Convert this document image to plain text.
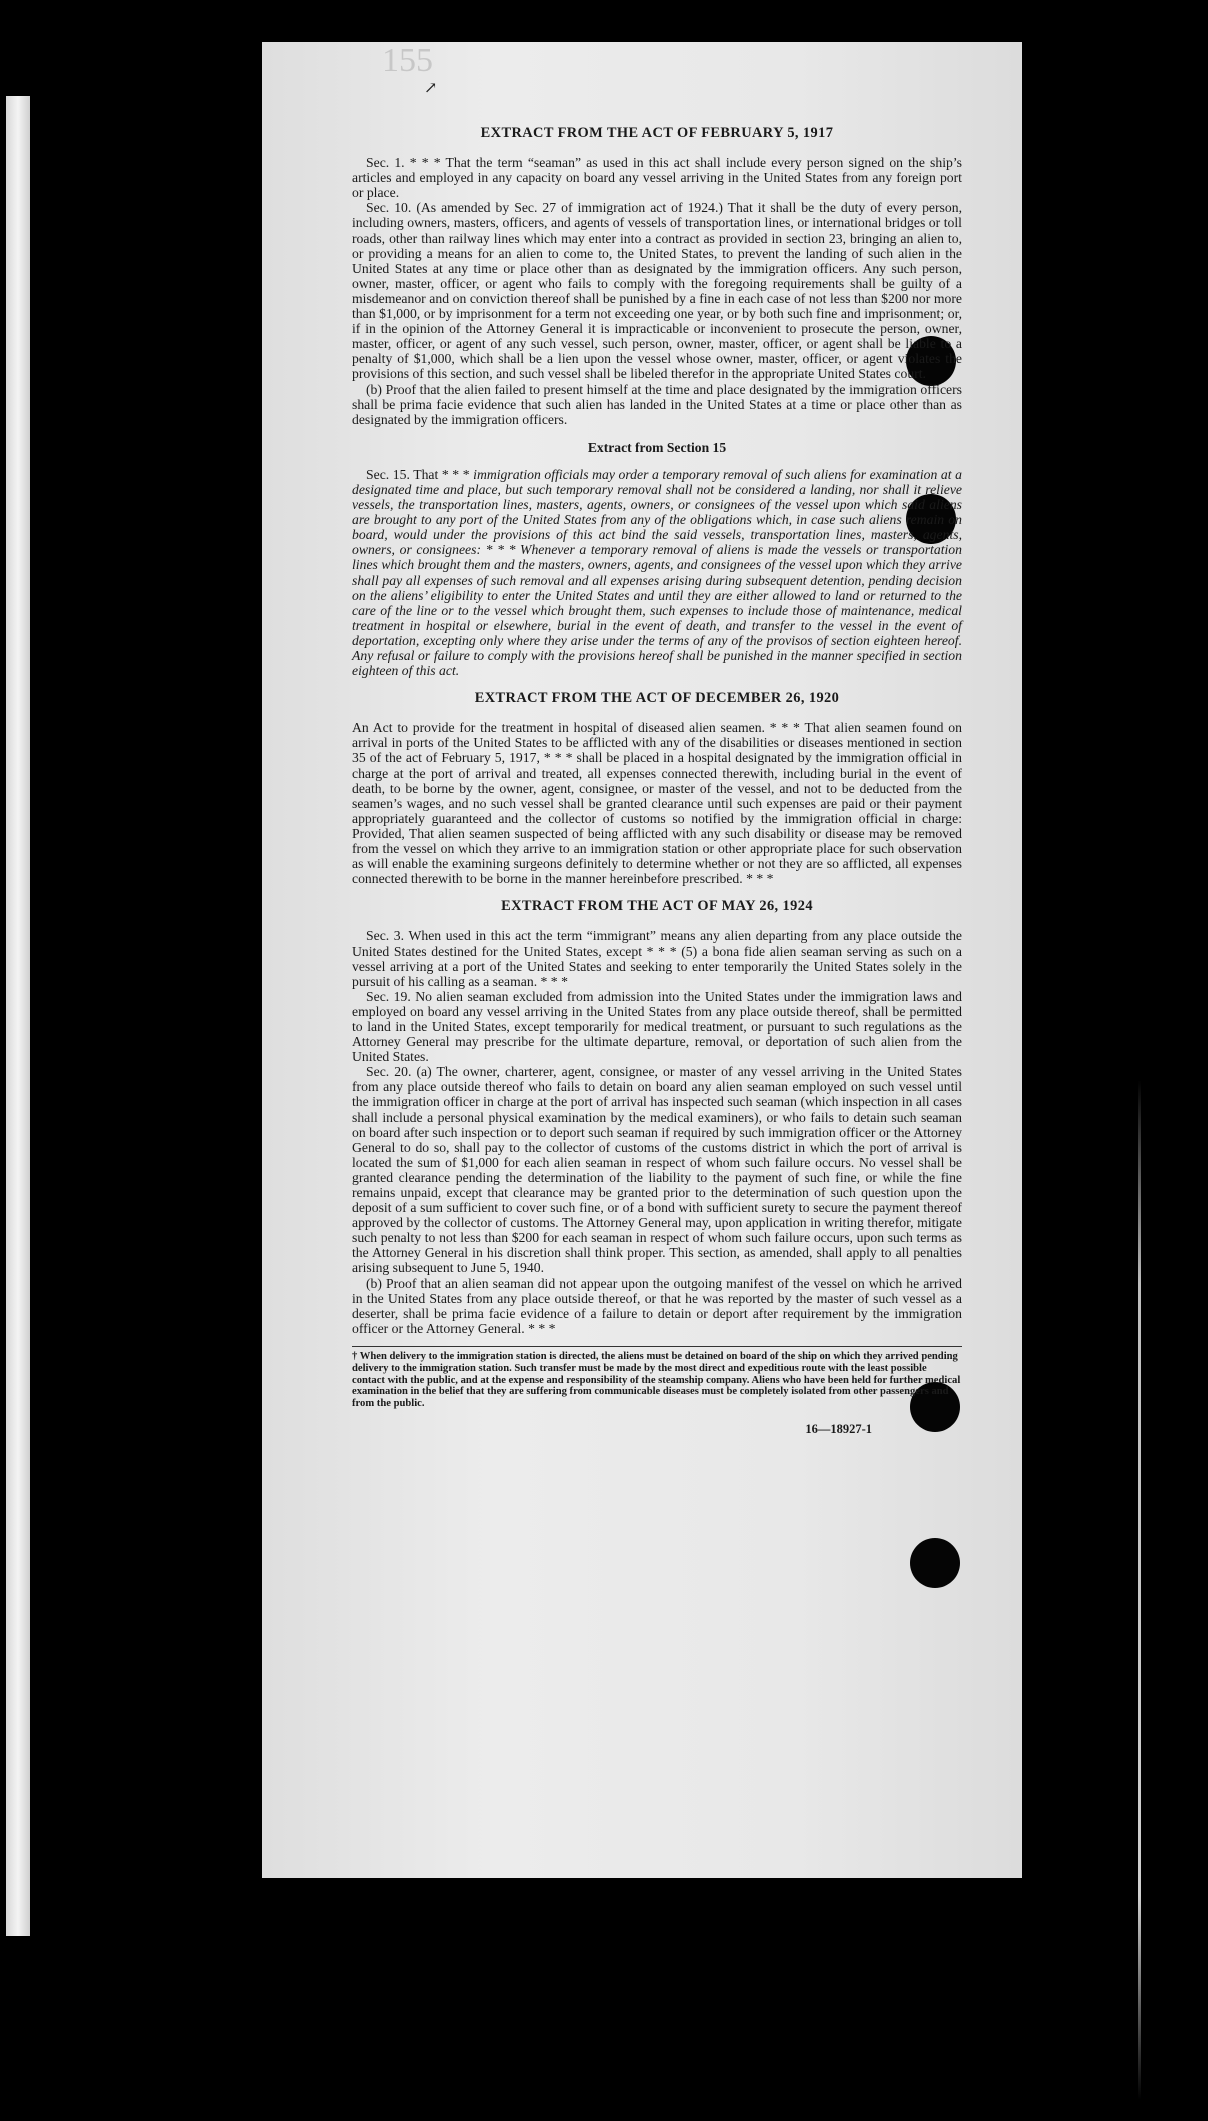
155
↗
EXTRACT FROM THE ACT OF FEBRUARY 5, 1917

Sec. 1. * * * That the term “seaman” as used in this act shall include every person signed on the ship’s articles and employed in any capacity on board any vessel arriving in the United States from any foreign port or place.

Sec. 10. (As amended by Sec. 27 of immigration act of 1924.) That it shall be the duty of every person, including owners, masters, officers, and agents of vessels of transportation lines, or international bridges or toll roads, other than railway lines which may enter into a contract as provided in section 23, bringing an alien to, or providing a means for an alien to come to, the United States, to prevent the landing of such alien in the United States at any time or place other than as designated by the immigration officers. Any such person, owner, master, officer, or agent who fails to comply with the foregoing requirements shall be guilty of a misdemeanor and on conviction thereof shall be punished by a fine in each case of not less than $200 nor more than $1,000, or by imprisonment for a term not exceeding one year, or by both such fine and imprisonment; or, if in the opinion of the Attorney General it is impracticable or inconvenient to prosecute the person, owner, master, officer, or agent of any such vessel, such person, owner, master, officer, or agent shall be liable to a penalty of $1,000, which shall be a lien upon the vessel whose owner, master, officer, or agent violates the provisions of this section, and such vessel shall be libeled therefor in the appropriate United States court.

(b) Proof that the alien failed to present himself at the time and place designated by the immigration officers shall be prima facie evidence that such alien has landed in the United States at a time or place other than as designated by the immigration officers.

Extract from Section 15

Sec. 15. That * * * immigration officials may order a temporary removal of such aliens for examination at a designated time and place, but such temporary removal shall not be considered a landing, nor shall it relieve vessels, the transportation lines, masters, agents, owners, or consignees of the vessel upon which said aliens are brought to any port of the United States from any of the obligations which, in case such aliens remain on board, would under the provisions of this act bind the said vessels, transportation lines, masters, agents, owners, or consignees: * * * Whenever a temporary removal of aliens is made the vessels or transportation lines which brought them and the masters, owners, agents, and consignees of the vessel upon which they arrive shall pay all expenses of such removal and all expenses arising during subsequent detention, pending decision on the aliens’ eligibility to enter the United States and until they are either allowed to land or returned to the care of the line or to the vessel which brought them, such expenses to include those of maintenance, medical treatment in hospital or elsewhere, burial in the event of death, and transfer to the vessel in the event of deportation, excepting only where they arise under the terms of any of the provisos of section eighteen hereof. Any refusal or failure to comply with the provisions hereof shall be punished in the manner specified in section eighteen of this act.

EXTRACT FROM THE ACT OF DECEMBER 26, 1920

An Act to provide for the treatment in hospital of diseased alien seamen. * * * That alien seamen found on arrival in ports of the United States to be afflicted with any of the disabilities or diseases mentioned in section 35 of the act of February 5, 1917, * * * shall be placed in a hospital designated by the immigration official in charge at the port of arrival and treated, all expenses connected therewith, including burial in the event of death, to be borne by the owner, agent, consignee, or master of the vessel, and not to be deducted from the seamen’s wages, and no such vessel shall be granted clearance until such expenses are paid or their payment appropriately guaranteed and the collector of customs so notified by the immigration official in charge: Provided, That alien seamen suspected of being afflicted with any such disability or disease may be removed from the vessel on which they arrive to an immigration station or other appropriate place for such observation as will enable the examining surgeons definitely to determine whether or not they are so afflicted, all expenses connected therewith to be borne in the manner hereinbefore prescribed. * * *

EXTRACT FROM THE ACT OF MAY 26, 1924

Sec. 3. When used in this act the term “immigrant” means any alien departing from any place outside the United States destined for the United States, except * * * (5) a bona fide alien seaman serving as such on a vessel arriving at a port of the United States and seeking to enter temporarily the United States solely in the pursuit of his calling as a seaman. * * *

Sec. 19. No alien seaman excluded from admission into the United States under the immigration laws and employed on board any vessel arriving in the United States from any place outside thereof, shall be permitted to land in the United States, except temporarily for medical treatment, or pursuant to such regulations as the Attorney General may prescribe for the ultimate departure, removal, or deportation of such alien from the United States.

Sec. 20. (a) The owner, charterer, agent, consignee, or master of any vessel arriving in the United States from any place outside thereof who fails to detain on board any alien seaman employed on such vessel until the immigration officer in charge at the port of arrival has inspected such seaman (which inspection in all cases shall include a personal physical examination by the medical examiners), or who fails to detain such seaman on board after such inspection or to deport such seaman if required by such immigration officer or the Attorney General to do so, shall pay to the collector of customs of the customs district in which the port of arrival is located the sum of $1,000 for each alien seaman in respect of whom such failure occurs. No vessel shall be granted clearance pending the determination of the liability to the payment of such fine, or while the fine remains unpaid, except that clearance may be granted prior to the determination of such question upon the deposit of a sum sufficient to cover such fine, or of a bond with sufficient surety to secure the payment thereof approved by the collector of customs. The Attorney General may, upon application in writing therefor, mitigate such penalty to not less than $200 for each seaman in respect of whom such failure occurs, upon such terms as the Attorney General in his discretion shall think proper. This section, as amended, shall apply to all penalties arising subsequent to June 5, 1940.

(b) Proof that an alien seaman did not appear upon the outgoing manifest of the vessel on which he arrived in the United States from any place outside thereof, or that he was reported by the master of such vessel as a deserter, shall be prima facie evidence of a failure to detain or deport after requirement by the immigration officer or the Attorney General. * * *

† When delivery to the immigration station is directed, the aliens must be detained on board of the ship on which they arrived pending delivery to the immigration station. Such transfer must be made by the most direct and expeditious route with the least possible contact with the public, and at the expense and responsibility of the steamship company. Aliens who have been held for further medical examination in the belief that they are suffering from communicable diseases must be completely isolated from other passengers and from the public.
16—18927-1
